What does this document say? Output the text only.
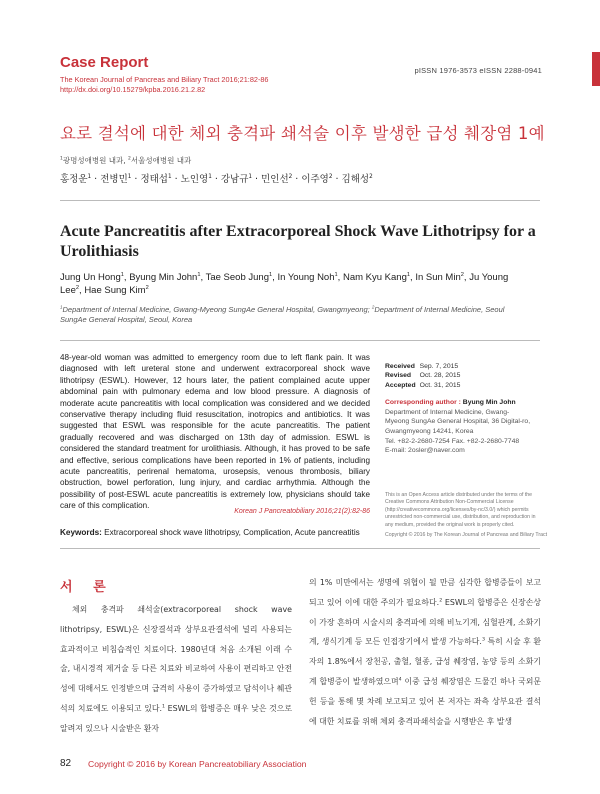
Case Report	pISSN 1976-3573 eISSN 2288-0941
The Korean Journal of Pancreas and Biliary Tract 2016;21:82-86
http://dx.doi.org/10.15279/kpba.2016.21.2.82
요로 결석에 대한 체외 충격파 쇄석술 이후 발생한 급성 췌장염 1예
$^1$광명성애병원 내과, $^2$서울성애병원 내과
홍정운$^1$ · 전병민$^1$ · 정태섭$^1$ · 노인영$^1$ · 강남규$^1$ · 민인선$^2$ · 이주영$^2$ · 김해성$^2$
Acute Pancreatitis after Extracorporeal Shock Wave Lithotripsy for a Urolithiasis
Jung Un Hong$^1$, Byung Min John$^1$, Tae Seob Jung$^1$, In Young Noh$^1$, Nam Kyu Kang$^1$, In Sun Min$^2$, Ju Young Lee$^2$, Hae Sung Kim$^2$
$^1$Department of Internal Medicine, Gwang-Myeong SungAe General Hospital, Gwangmyeong; $^2$Department of Internal Medicine, Seoul SungAe General Hospital, Seoul, Korea
48-year-old woman was admitted to emergency room due to left flank pain. It was diagnosed with left ureteral stone and underwent extracorporeal shock wave lithotripsy (ESWL). However, 12 hours later, the patient complained acute upper abdominal pain with pulmonary edema and low blood pressure. A diagnosis of moderate acute pancreatitis with local complication was considered and we decided conservative therapy including fluid resuscitation, inotropics and antibiotics. It was suggested that ESWL was responsible for the acute pancreatitis. The patient gradually recovered and was discharged on 13th day of admission. ESWL is considered the standard treatment for urolithiasis. Although, it has proved to be safe and effective, serious complications have been reported in 1% of patients, including acute pancreatitis, perirenal hematoma, urosepsis, venous thrombosis, biliary obstruction, bowel perforation, lung injury, and cardiac arrhythmia. Although the possibility of post-ESWL acute pancreatitis is extremely low, physicians should take care of this complication.
Korean J Pancreatobiliary 2016;21(2):82-86
Keywords: Extracorporeal shock wave lithotripsy, Complication, Acute pancreatitis
Received	Sep. 7, 2015
Revised	Oct. 28, 2015
Accepted	Oct. 31, 2015
Corresponding author : Byung Min John
Department of Internal Medicine, Gwang-
Myeong SungAe General Hospital, 36 Digital-ro,
Gwangmyeong 14241, Korea
Tel. +82-2-2680-7254 Fax. +82-2-2680-7748
E-mail: 2osler@naver.com
This is an Open Access article distributed under the terms of the Creative Commons Attribution Non-Commercial License (http://creativecommons.org/licenses/by-nc/3.0/) which permits unrestricted non-commercial use, distribution, and reproduction in any medium, provided the original work is properly cited.
Copyright © 2016 by The Korean Journal of Pancreas and Biliary Tract
서 론

체외 충격파 쇄석술(extracorporeal shock wave lithotripsy, ESWL)은 신장결석과 상부요관결석에 널리 사용되는 효과적이고 비침습적인 치료이다. 1980년대 처음 소개된 이래 수술, 내시경적 제거술 등 다른 치료와 비교하여 사용이 편리하고 안전성에 대해서도 인정받으며 급격히 사용이 증가하였고 담석이나 췌관석의 치료에도 이용되고 있다.$^1$ ESWL의 합병증은 매우 낮은 것으로 알려져 있으나 시술받은 환자

의 1% 미만에서는 생명에 위협이 될 만큼 심각한 합병증들이 보고되고 있어 이에 대한 주의가 필요하다.$^2$ ESWL의 합병증은 신장손상이 가장 흔하며 시술시의 충격파에 의해 비뇨기계, 심혈관계, 소화기계, 생식기계 등 모든 인접장기에서 발생 가능하다.$^3$ 특히 시술 후 환자의 1.8%에서 장천공, 출혈, 혈종, 급성 췌장염, 농양 등의 소화기계 합병증이 발생하였으며$^4$ 이중 급성 췌장염은 드물긴 하나 국외문헌 등을 통해 몇 차례 보고되고 있어 본 저자는 좌측 상부요관 결석에 대한 치료를 위해 체외 충격파쇄석술을 시행받은 후 발생

82 Copyright © 2016 by Korean Pancreatobiliary Association
